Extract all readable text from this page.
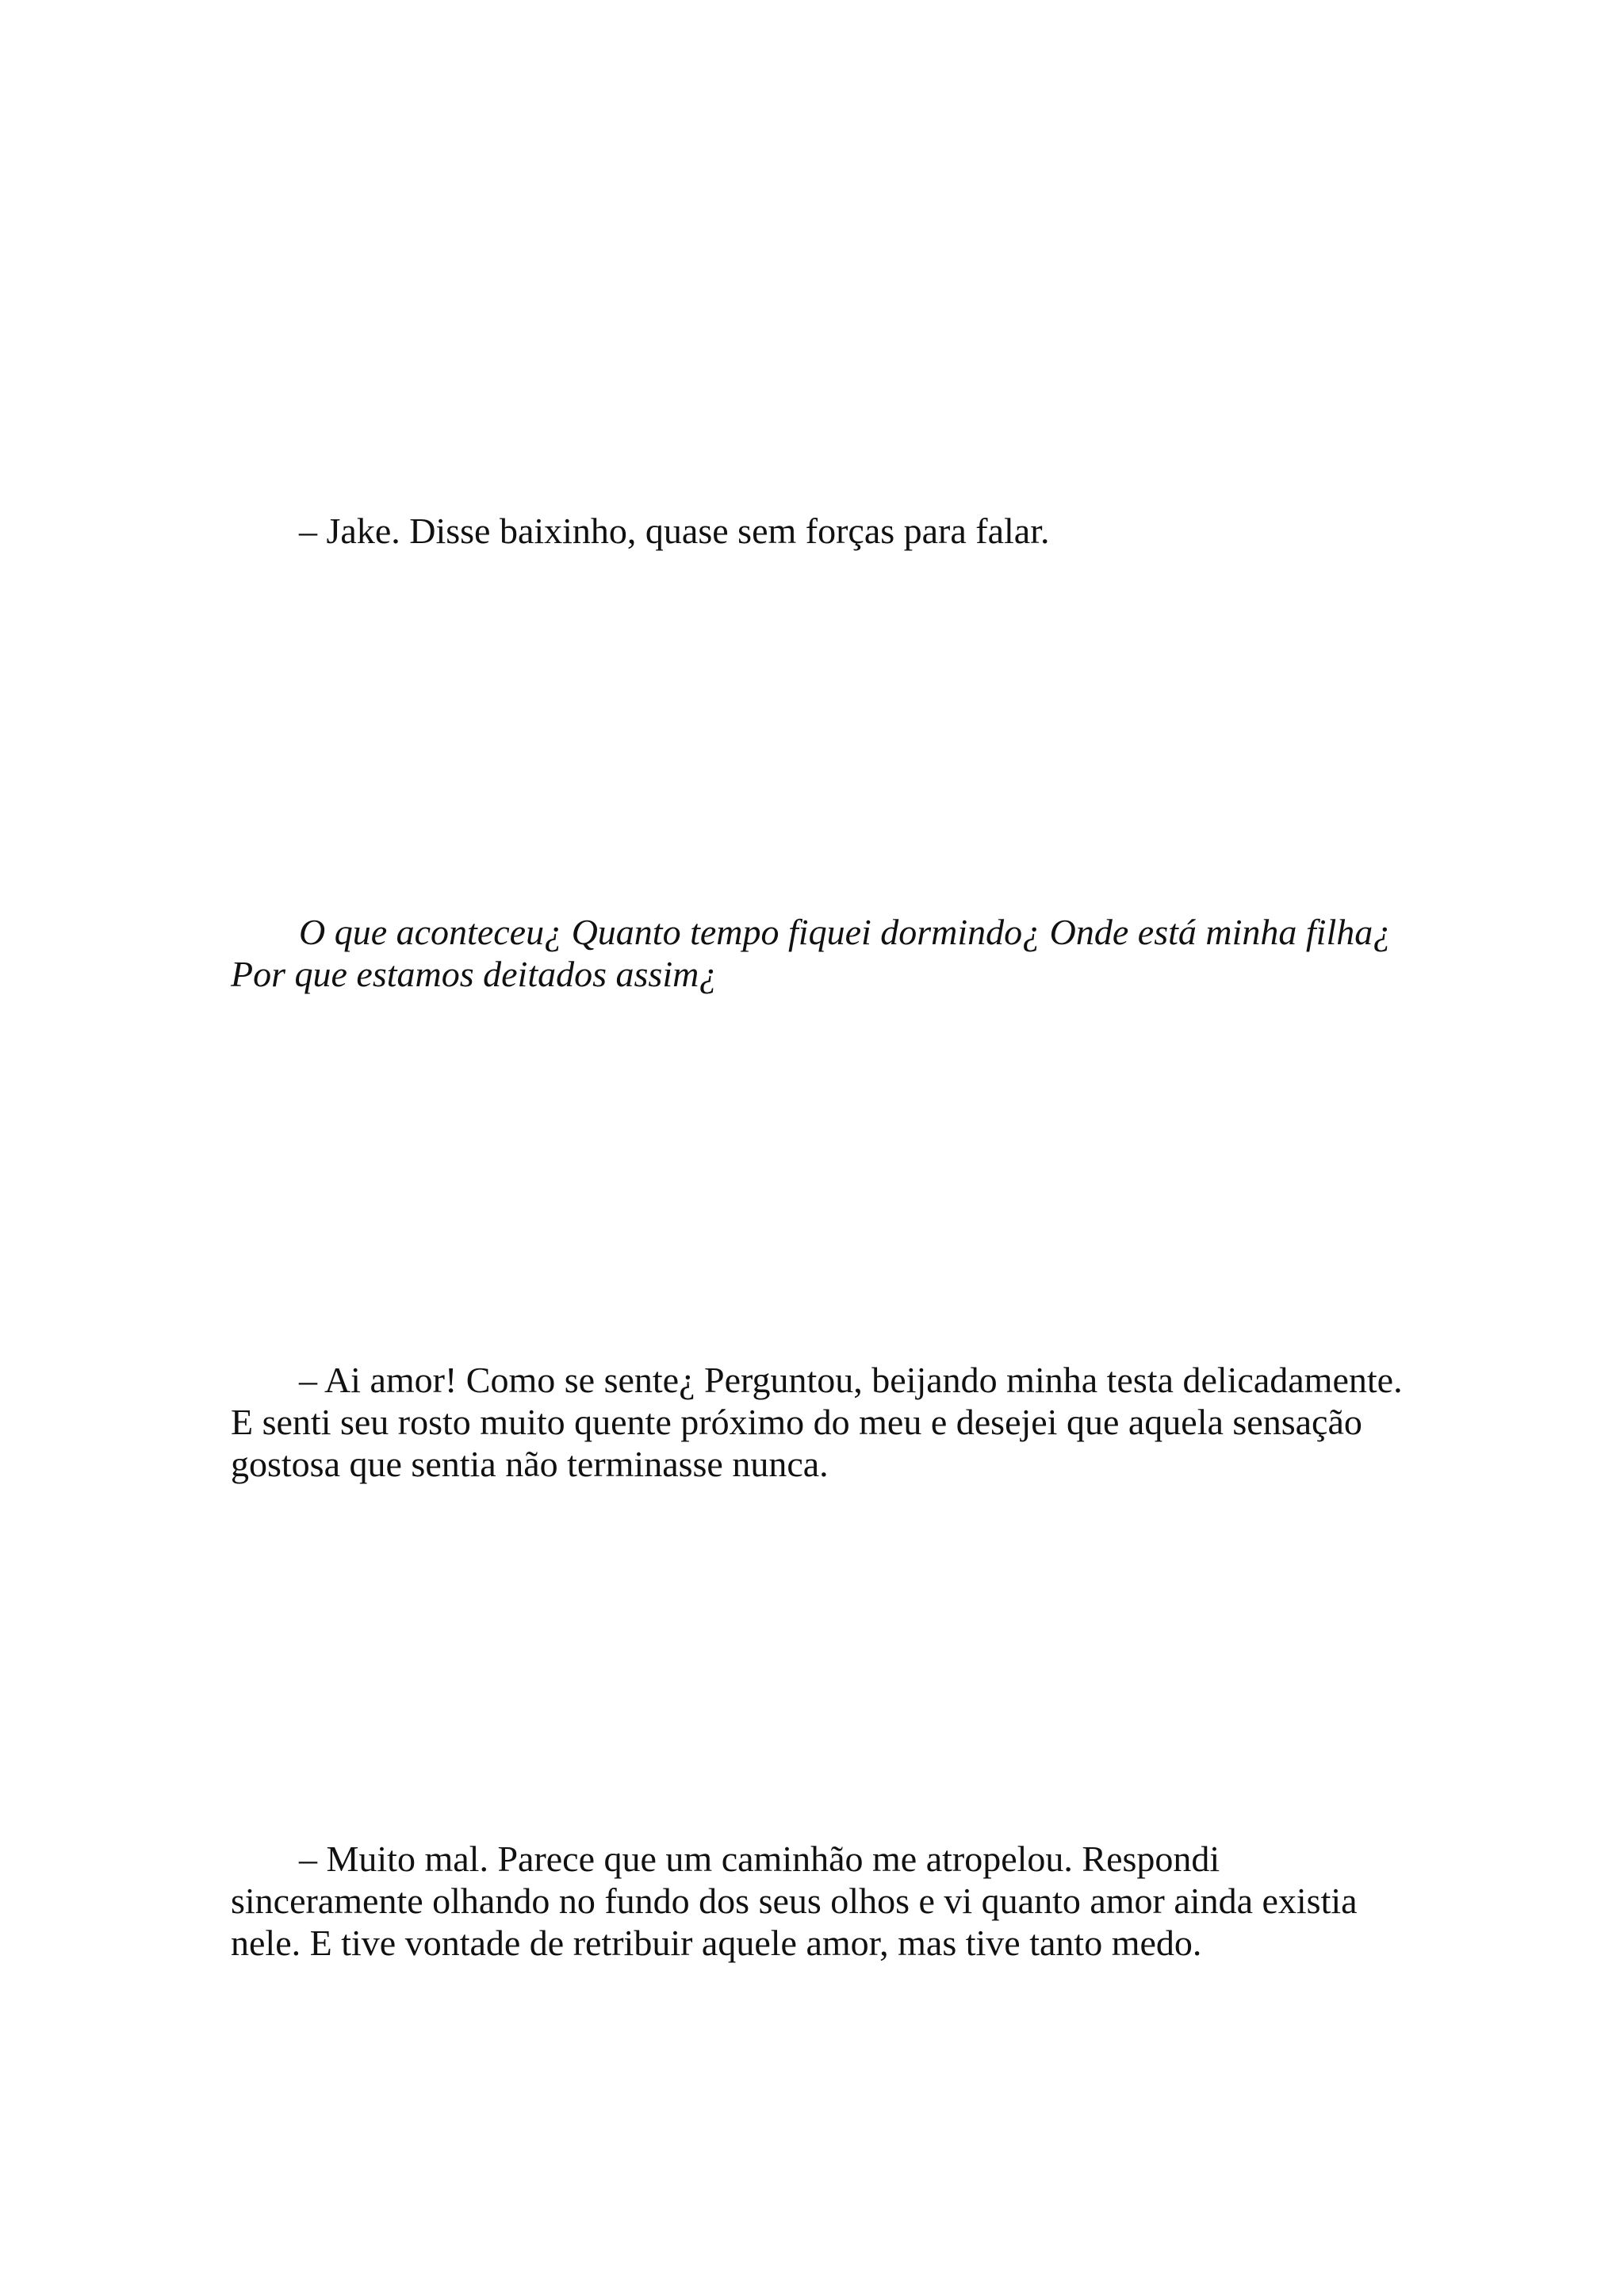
– Jake. Disse baixinho, quase sem forças para falar.

O que aconteceu¿ Quanto tempo fiquei dormindo¿ Onde está minha filha¿ Por que estamos deitados assim¿

– Ai amor! Como se sente¿ Perguntou, beijando minha testa delicadamente. E senti seu rosto muito quente próximo do meu e desejei que aquela sensação gostosa que sentia não terminasse nunca.

– Muito mal. Parece que um caminhão me atropelou. Respondi sinceramente olhando no fundo dos seus olhos e vi quanto amor ainda existia nele. E tive vontade de retribuir aquele amor, mas tive tanto medo.
